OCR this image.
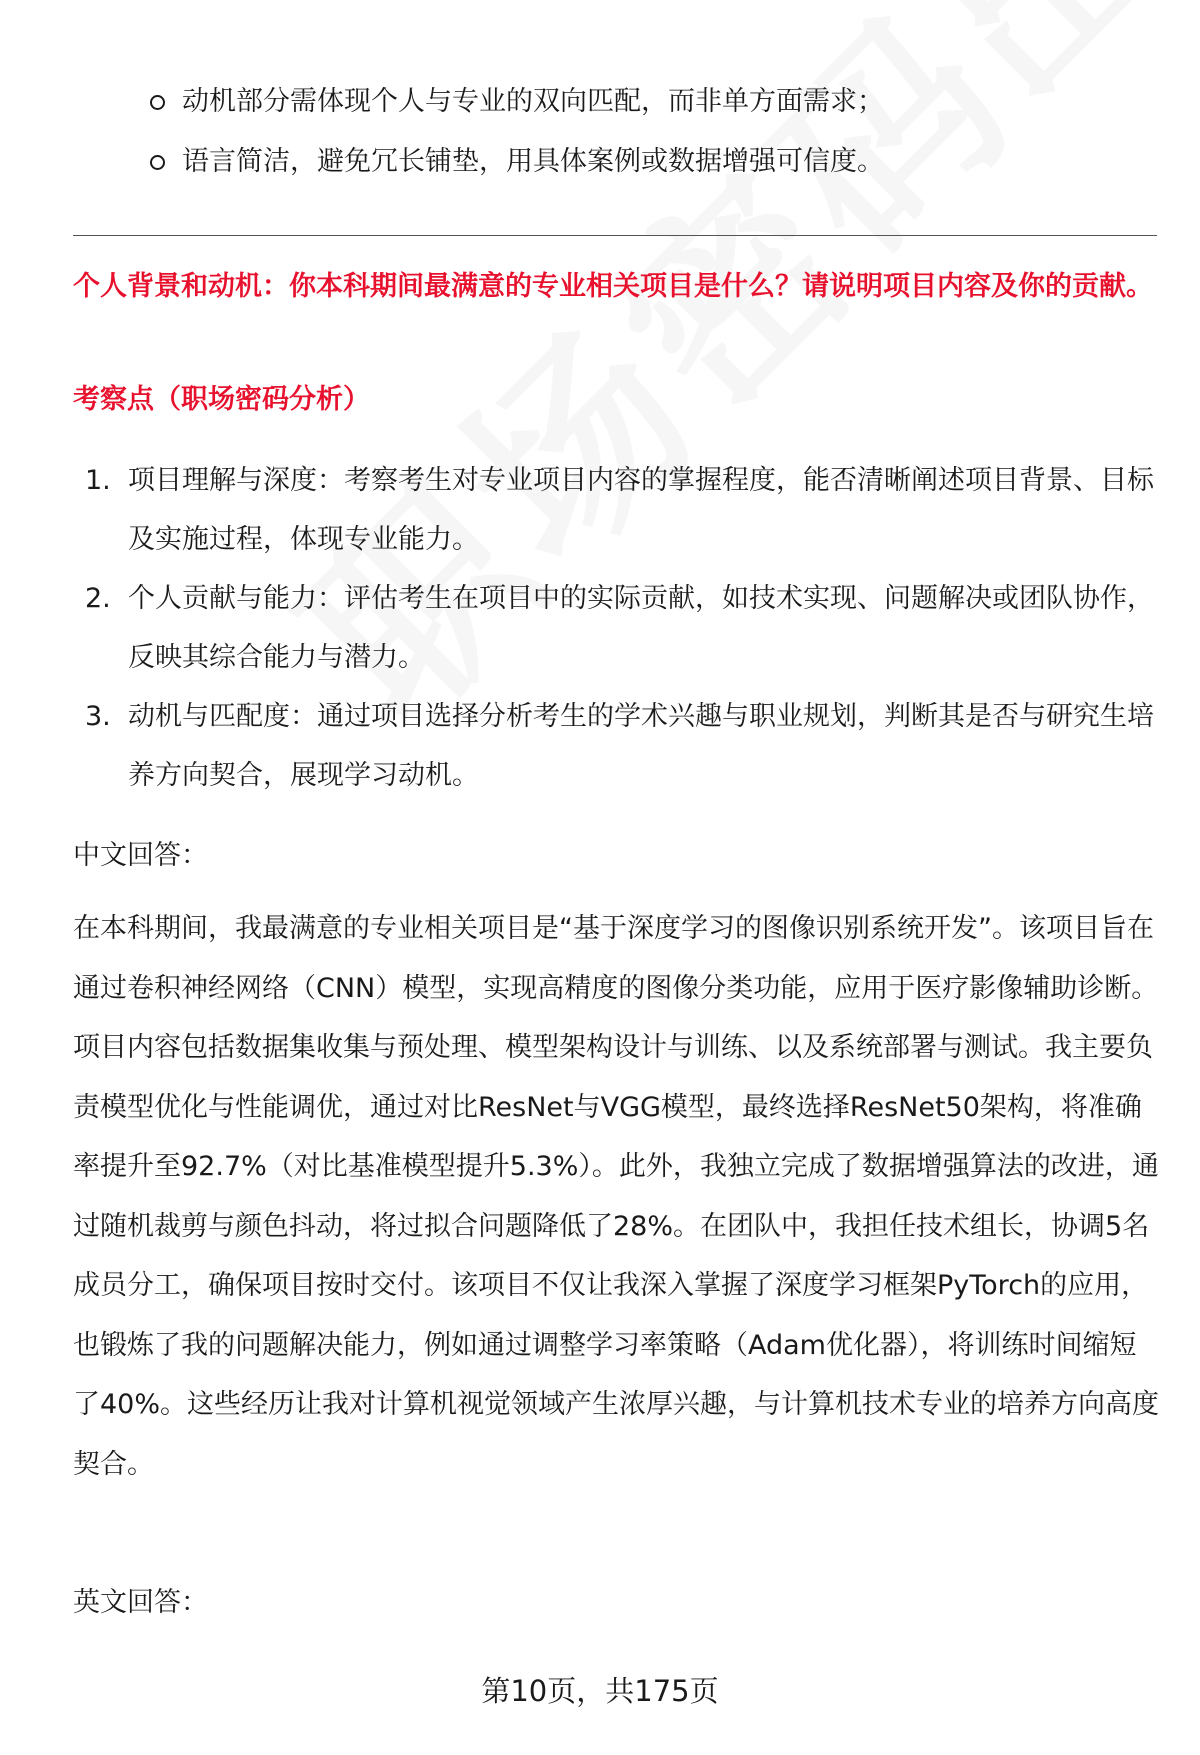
动机部分需体现个人与专业的双向匹配，而非单方面需求；
语言简洁，避免冗长铺垫，用具体案例或数据增强可信度。
个人背景和动机：你本科期间最满意的专业相关项目是什么？请说明项目内容及你的贡献。
考察点（职场密码分析）
1. 项目理解与深度：考察考生对专业项目内容的掌握程度，能否清晰阐述项目背景、目标及实施过程，体现专业能力。
2. 个人贡献与能力：评估考生在项目中的实际贡献，如技术实现、问题解决或团队协作，反映其综合能力与潜力。
3. 动机与匹配度：通过项目选择分析考生的学术兴趣与职业规划，判断其是否与研究生培养方向契合，展现学习动机。
中文回答：

在本科期间，我最满意的专业相关项目是“基于深度学习的图像识别系统开发”。该项目旨在通过卷积神经网络（CNN）模型，实现高精度的图像分类功能，应用于医疗影像辅助诊断。项目内容包括数据集收集与预处理、模型架构设计与训练、以及系统部署与测试。我主要负责模型优化与性能调优，通过对比ResNet与VGG模型，最终选择ResNet50架构，将准确率提升至92.7%（对比基准模型提升5.3%）。此外，我独立完成了数据增强算法的改进，通过随机裁剪与颜色抖动，将过拟合问题降低了28%。在团队中，我担任技术组长，协调5名成员分工，确保项目按时交付。该项目不仅让我深入掌握了深度学习框架PyTorch的应用，也锻炼了我的问题解决能力，例如通过调整学习率策略（Adam优化器），将训练时间缩短了40%。这些经历让我对计算机视觉领域产生浓厚兴趣，与计算机技术专业的培养方向高度契合。

英文回答：
第10页，共175页
